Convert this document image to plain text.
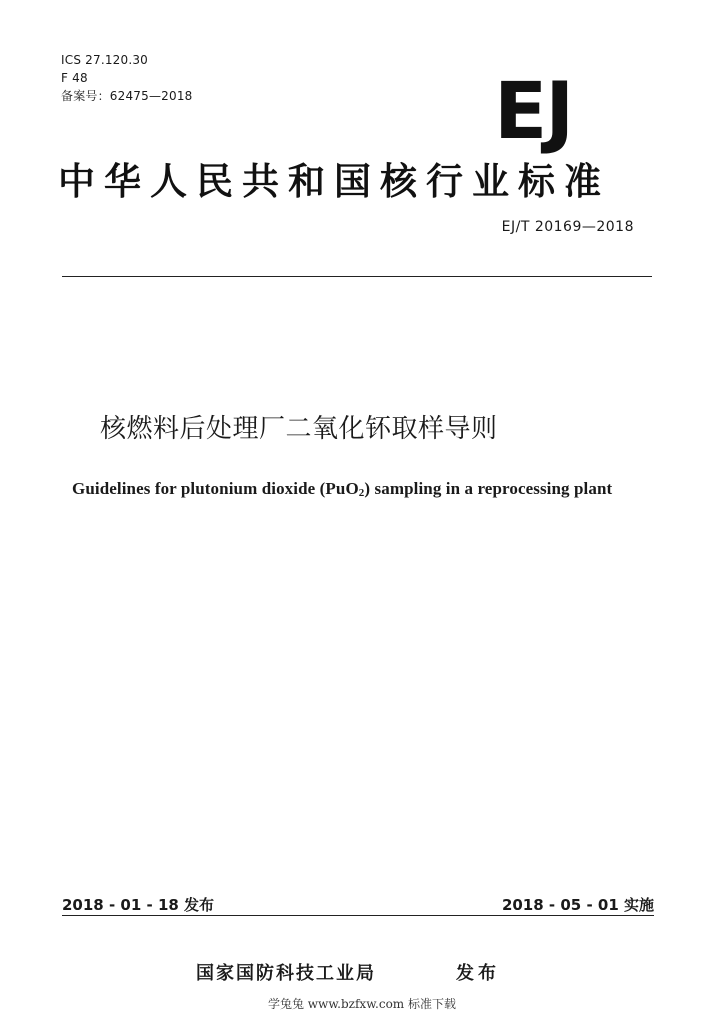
ICS 27.120.30
F 48
备案号：62475—2018	EJ
中华人民共和国核行业标准
EJ/T 20169—2018
核燃料后处理厂二氧化钚取样导则
Guidelines for plutonium dioxide (PuO$_2$) sampling in a reprocessing plant
2018 - 01 - 18 发布	2018 - 05 - 01 实施
国家国防科技工业局	发布
学兔兔 www.bzfxw.com 标准下载
